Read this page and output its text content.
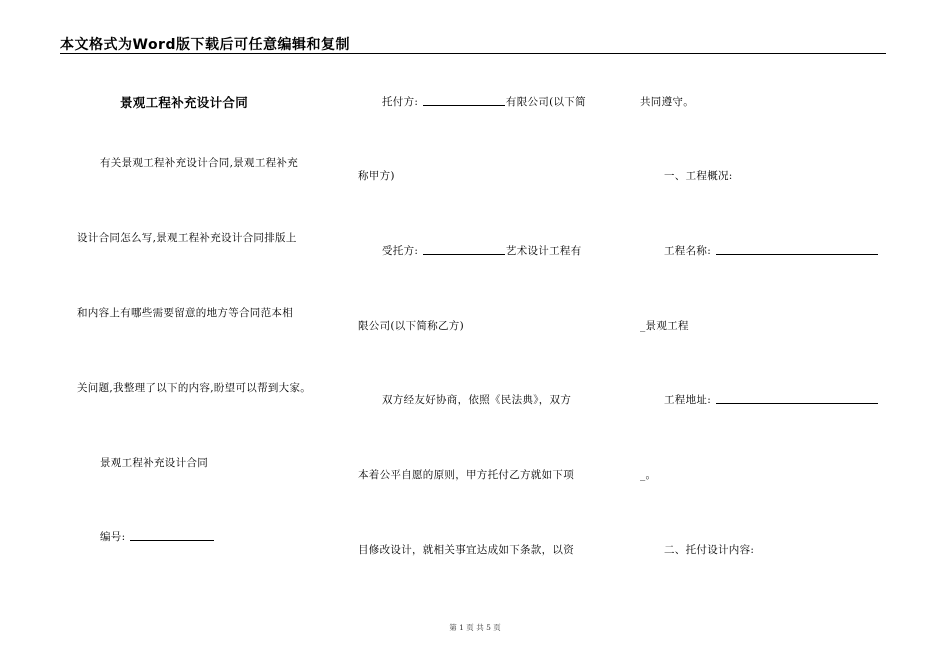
本文格式为Word版下载后可任意编辑和复制
景观工程补充设计合同
有关景观工程补充设计合同,景观工程补充
设计合同怎么写,景观工程补充设计合同排版上
和内容上有哪些需要留意的地方等合同范本相
关问题,我整理了以下的内容,盼望可以帮到大家。
景观工程补充设计合同
编号:
托付方:	有限公司(以下简
称甲方)
受托方:	艺术设计工程有
限公司(以下简称乙方)
双方经友好协商，依照《民法典》，双方
本着公平自愿的原则，甲方托付乙方就如下项
目修改设计，就相关事宜达成如下条款，以资
共同遵守。
一、工程概况:
工程名称:
_景观工程
工程地址:
_。
二、托付设计内容:
第 1 页 共 5 页
